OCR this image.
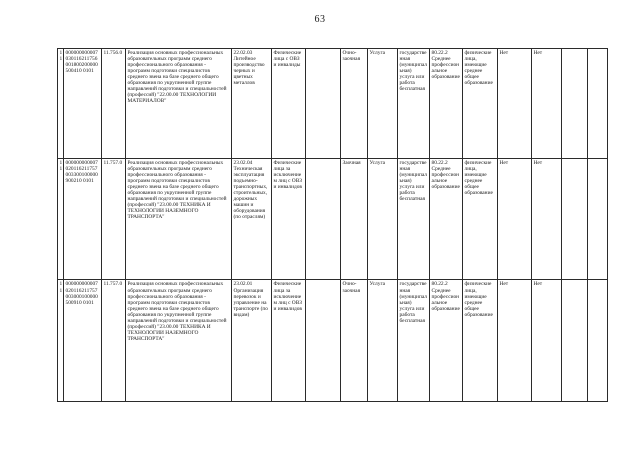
63
11	000000000007030116211756001800200000500410 0101	11.756.0	Реализация основных профессиональных образовательных программ среднего профессионального образования - программ подготовки специалистов среднего звена на базе среднего общего образования по укрупненной группе направлений подготовки и специальностей (профессий) "22.00.00 ТЕХНОЛОГИИ МАТЕРИАЛОВ"	22.02.03 Литейное производство черных и цветных металлов	Физические лица с ОВЗ и инвалиды		Очно-заочная	Услуга	государственная (муниципальная) услуга или работа бесплатная	80.22.2 Среднее профессиональное образование	физические лица, имеющие среднее общее образование	Нет	Нет		
11	000000000007020116211757003300100000900210 0101	11.757.0	Реализация основных профессиональных образовательных программ среднего профессионального образования - программ подготовки специалистов среднего звена на базе среднего общего образования по укрупненной группе направлений подготовки и специальностей (профессий) "23.00.00 ТЕХНИКА И ТЕХНОЛОГИИ НАЗЕМНОГО ТРАНСПОРТА"	23.02.04 Техническая эксплуатация подъемно-транспортных, строительных, дорожных машин и оборудования (по отраслям)	Физические лица за исключением лиц с ОВЗ и инвалидов		Заочная	Услуга	государственная (муниципальная) услуга или работа бесплатная	80.22.2 Среднее профессиональное образование	физические лица, имеющие среднее общее образование	Нет	Нет		
11	000000000007020116211757003000100000500910 0101	11.757.0	Реализация основных профессиональных образовательных программ среднего профессионального образования - программ подготовки специалистов среднего звена на базе среднего общего образования по укрупненной группе направлений подготовки и специальностей (профессий) "23.00.00 ТЕХНИКА И ТЕХНОЛОГИИ НАЗЕМНОГО ТРАНСПОРТА"	23.02.01 Организация перевозок и управление на транспорте (по видам)	Физические лица за исключением лиц с ОВЗ и инвалидов		Очно-заочная	Услуга	государственная (муниципальная) услуга или работа бесплатная	80.22.2 Среднее профессиональное образование	физические лица, имеющие среднее общее образование	Нет	Нет		
